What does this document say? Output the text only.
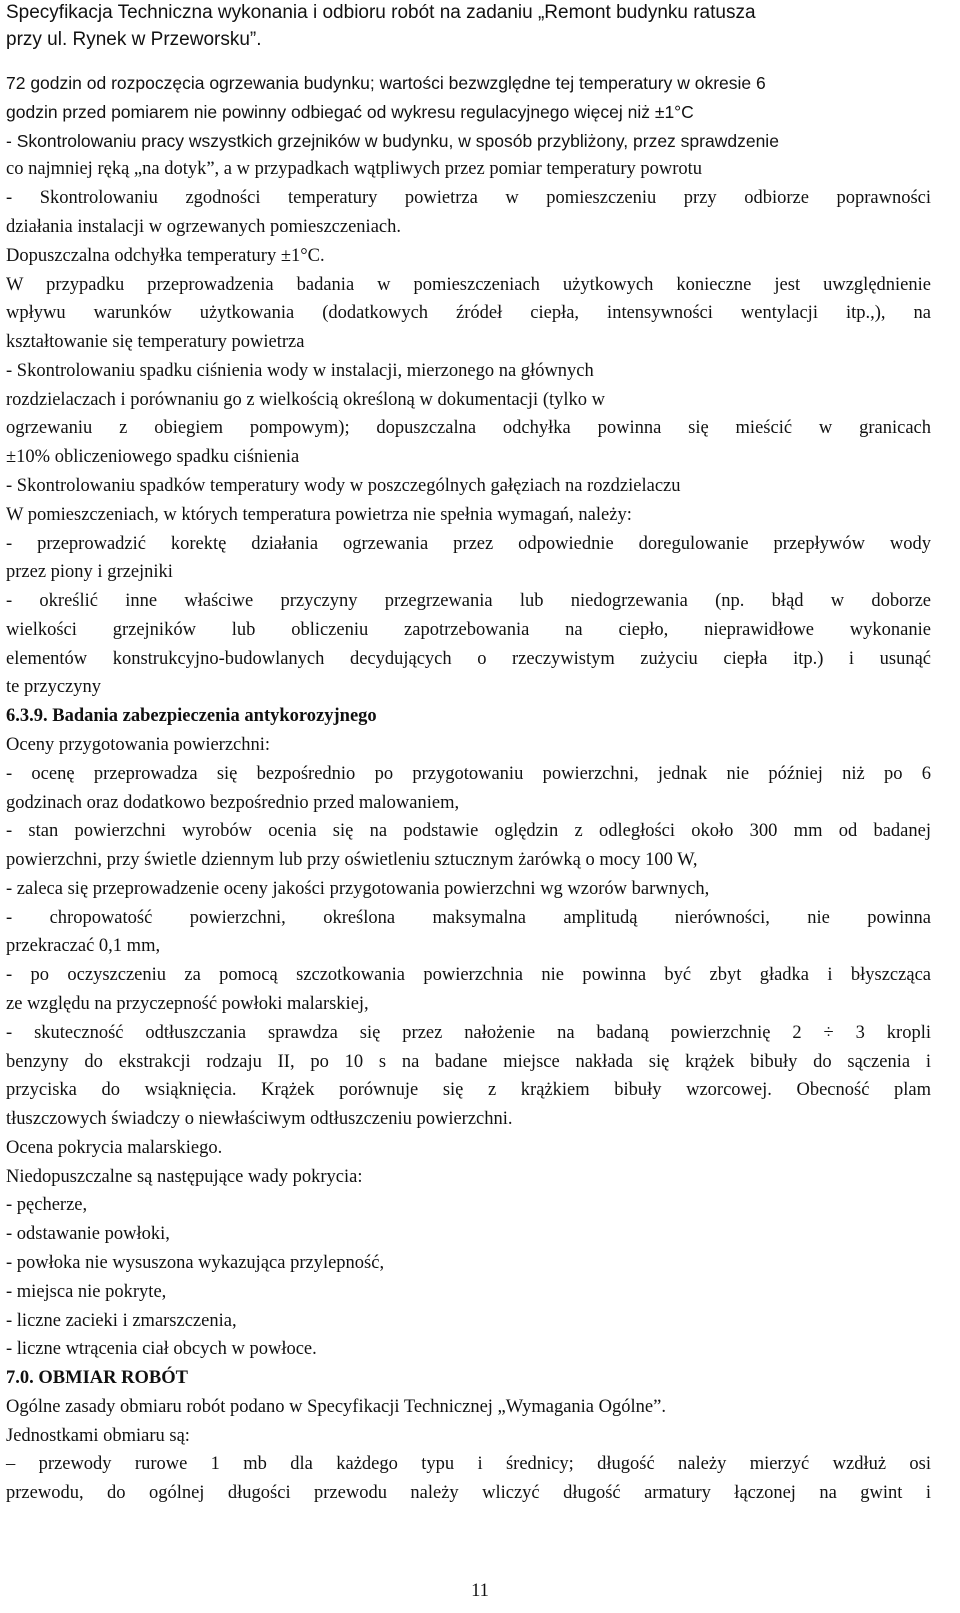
Specyfikacja Techniczna wykonania i odbioru robót na zadaniu „Remont budynku ratusza
przy ul. Rynek w Przeworsku”.
72 godzin od rozpoczęcia ogrzewania budynku; wartości bezwzględne tej temperatury w okresie 6
godzin przed pomiarem nie powinny odbiegać od wykresu regulacyjnego więcej niż ±1°C
- Skontrolowaniu pracy wszystkich grzejników w budynku, w sposób przybliżony, przez sprawdzenie
co najmniej ręką „na dotyk”, a w przypadkach wątpliwych przez pomiar temperatury powrotu
- Skontrolowaniu zgodności temperatury powietrza w pomieszczeniu przy odbiorze poprawności
działania instalacji w ogrzewanych pomieszczeniach.
Dopuszczalna odchyłka temperatury ±1°C.
W przypadku przeprowadzenia badania w pomieszczeniach użytkowych konieczne jest uwzględnienie
wpływu warunków użytkowania (dodatkowych źródeł ciepła, intensywności wentylacji itp.,), na
kształtowanie się temperatury powietrza
- Skontrolowaniu spadku ciśnienia wody w instalacji, mierzonego na głównych
rozdzielaczach i porównaniu go z wielkością określoną w dokumentacji (tylko w
ogrzewaniu z obiegiem pompowym); dopuszczalna odchyłka powinna się mieścić w granicach
±10% obliczeniowego spadku ciśnienia
- Skontrolowaniu spadków temperatury wody w poszczególnych gałęziach na rozdzielaczu
W pomieszczeniach, w których temperatura powietrza nie spełnia wymagań, należy:
- przeprowadzić korektę działania ogrzewania przez odpowiednie doregulowanie przepływów wody
przez piony i grzejniki
- określić inne właściwe przyczyny przegrzewania lub niedogrzewania (np. błąd w doborze
wielkości grzejników lub obliczeniu zapotrzebowania na ciepło, nieprawidłowe wykonanie
elementów konstrukcyjno-budowlanych decydujących o rzeczywistym zużyciu ciepła itp.) i usunąć
te przyczyny
6.3.9. Badania zabezpieczenia antykorozyjnego
Oceny przygotowania powierzchni:
- ocenę przeprowadza się bezpośrednio po przygotowaniu powierzchni, jednak nie później niż po 6
godzinach oraz dodatkowo bezpośrednio przed malowaniem,
- stan powierzchni wyrobów ocenia się na podstawie oględzin z odległości około 300 mm od badanej
powierzchni, przy świetle dziennym lub przy oświetleniu sztucznym żarówką o mocy 100 W,
- zaleca się przeprowadzenie oceny jakości przygotowania powierzchni wg wzorów barwnych,
- chropowatość powierzchni, określona maksymalna amplitudą nierówności, nie powinna
przekraczać 0,1 mm,
- po oczyszczeniu za pomocą szczotkowania powierzchnia nie powinna być zbyt gładka i błyszcząca
ze względu na przyczepność powłoki malarskiej,
- skuteczność odtłuszczania sprawdza się przez nałożenie na badaną powierzchnię 2 ÷ 3 kropli
benzyny do ekstrakcji rodzaju II, po 10 s na badane miejsce nakłada się krążek bibuły do sączenia i
przyciska do wsiąknięcia. Krążek porównuje się z krążkiem bibuły wzorcowej. Obecność plam
tłuszczowych świadczy o niewłaściwym odtłuszczeniu powierzchni.
Ocena pokrycia malarskiego.
Niedopuszczalne są następujące wady pokrycia:
- pęcherze,
- odstawanie powłoki,
- powłoka nie wysuszona wykazująca przylepność,
- miejsca nie pokryte,
- liczne zacieki i zmarszczenia,
- liczne wtrącenia ciał obcych w powłoce.
7.0. OBMIAR ROBÓT
Ogólne zasady obmiaru robót podano w Specyfikacji Technicznej „Wymagania Ogólne”.
Jednostkami obmiaru są:
– przewody rurowe 1 mb dla każdego typu i średnicy; długość należy mierzyć wzdłuż osi
przewodu, do ogólnej długości przewodu należy wliczyć długość armatury łączonej na gwint i
11
